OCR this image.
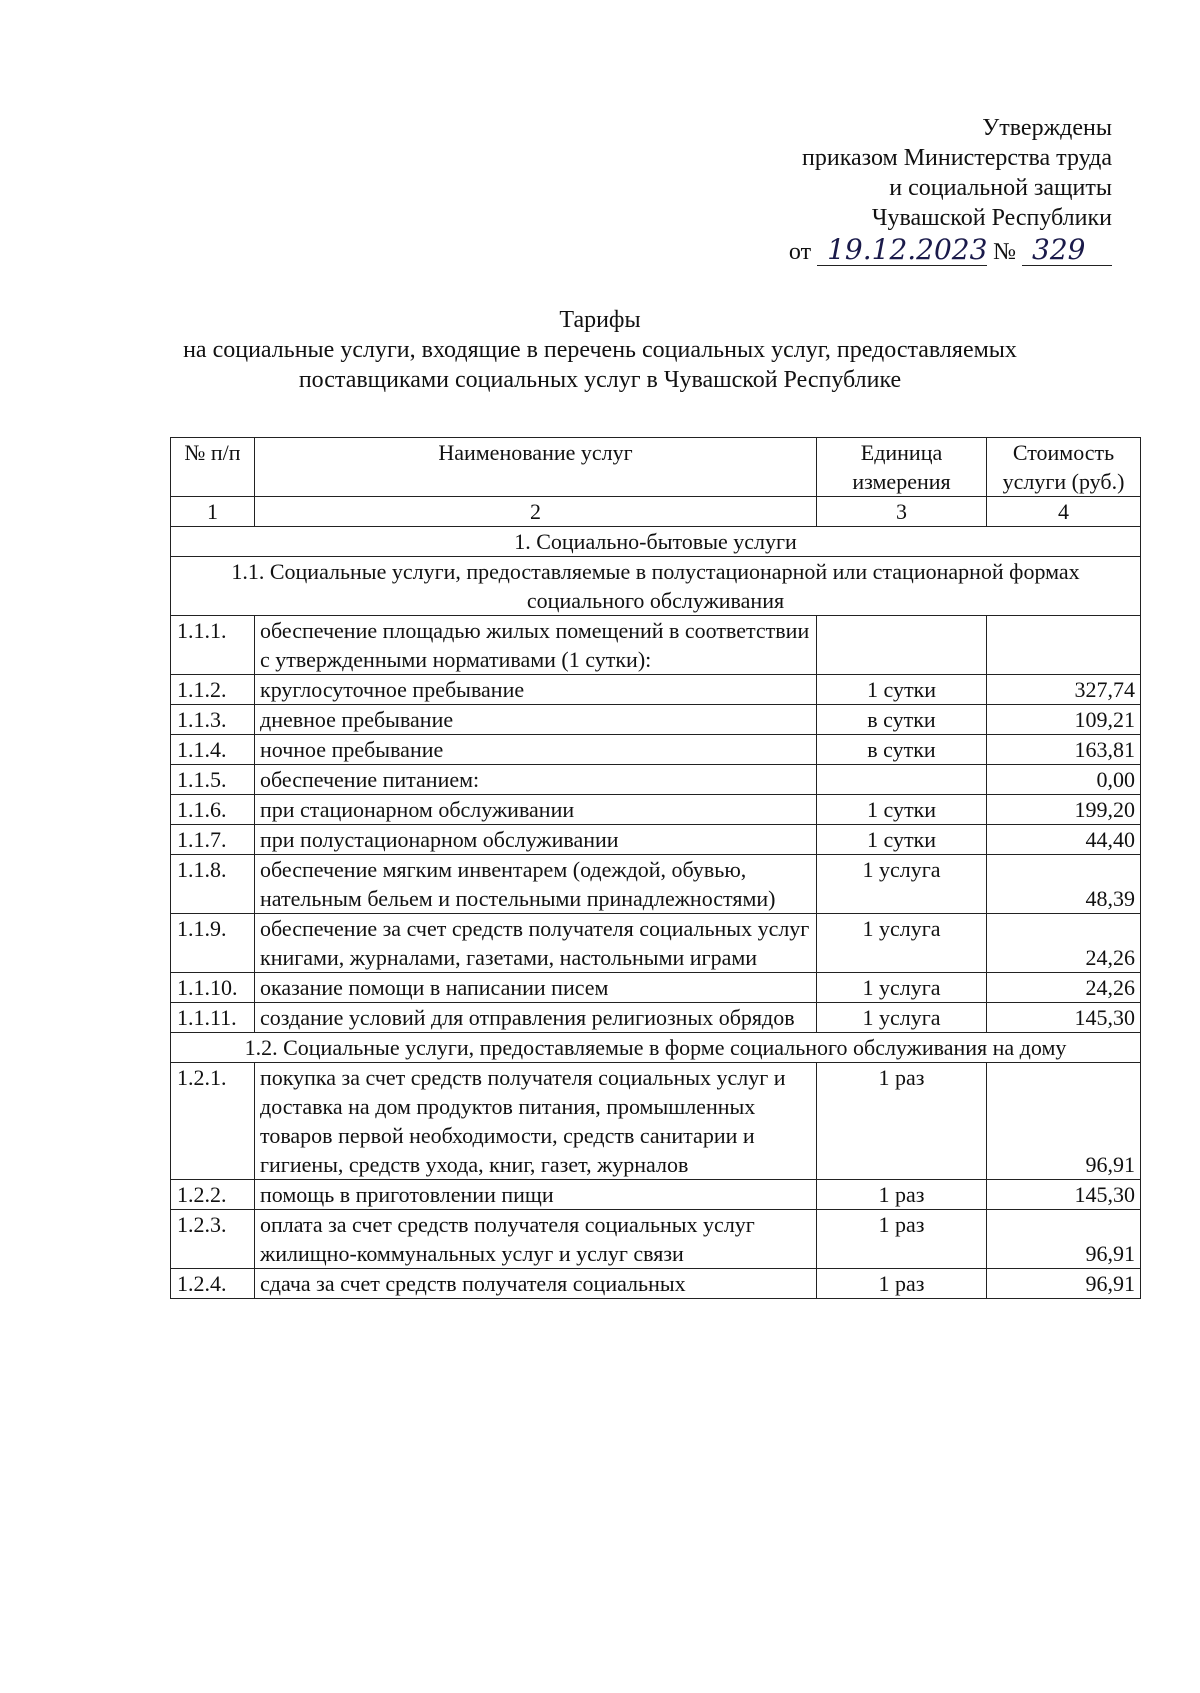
Утверждены
приказом Министерства труда
и социальной защиты
Чувашской Республики
от 19.12.2023 № 329
Тарифы
на социальные услуги, входящие в перечень социальных услуг, предоставляемых
поставщиками социальных услуг в Чувашской Республике
№ п/п	Наименование услуг	Единица измерения	Стоимость услуги (руб.)
1	2	3	4
1. Социально-бытовые услуги			
1.1. Социальные услуги, предоставляемые в полустационарной или стационарной формах социального обслуживания			
1.1.1.	обеспечение площадью жилых помещений в соответствии с утвержденными нормативами (1 сутки):		
1.1.2.	круглосуточное пребывание	1 сутки	327,74
1.1.3.	дневное пребывание	в сутки	109,21
1.1.4.	ночное пребывание	в сутки	163,81
1.1.5.	обеспечение питанием:		0,00
1.1.6.	при стационарном обслуживании	1 сутки	199,20
1.1.7.	при полустационарном обслуживании	1 сутки	44,40
1.1.8.	обеспечение мягким инвентарем (одеждой, обувью, нательным бельем и постельными принадлежностями)	1 услуга	48,39
1.1.9.	обеспечение за счет средств получателя социальных услуг книгами, журналами, газетами, настольными играми	1 услуга	24,26
1.1.10.	оказание помощи в написании писем	1 услуга	24,26
1.1.11.	создание условий для отправления религиозных обрядов	1 услуга	145,30
1.2. Социальные услуги, предоставляемые в форме социального обслуживания на дому			
1.2.1.	покупка за счет средств получателя социальных услуг и доставка на дом продуктов питания, промышленных товаров первой необходимости, средств санитарии и гигиены, средств ухода, книг, газет, журналов	1 раз	96,91
1.2.2.	помощь в приготовлении пищи	1 раз	145,30
1.2.3.	оплата за счет средств получателя социальных услуг жилищно-коммунальных услуг и услуг связи	1 раз	96,91
1.2.4.	сдача за счет средств получателя социальных	1 раз	96,91
